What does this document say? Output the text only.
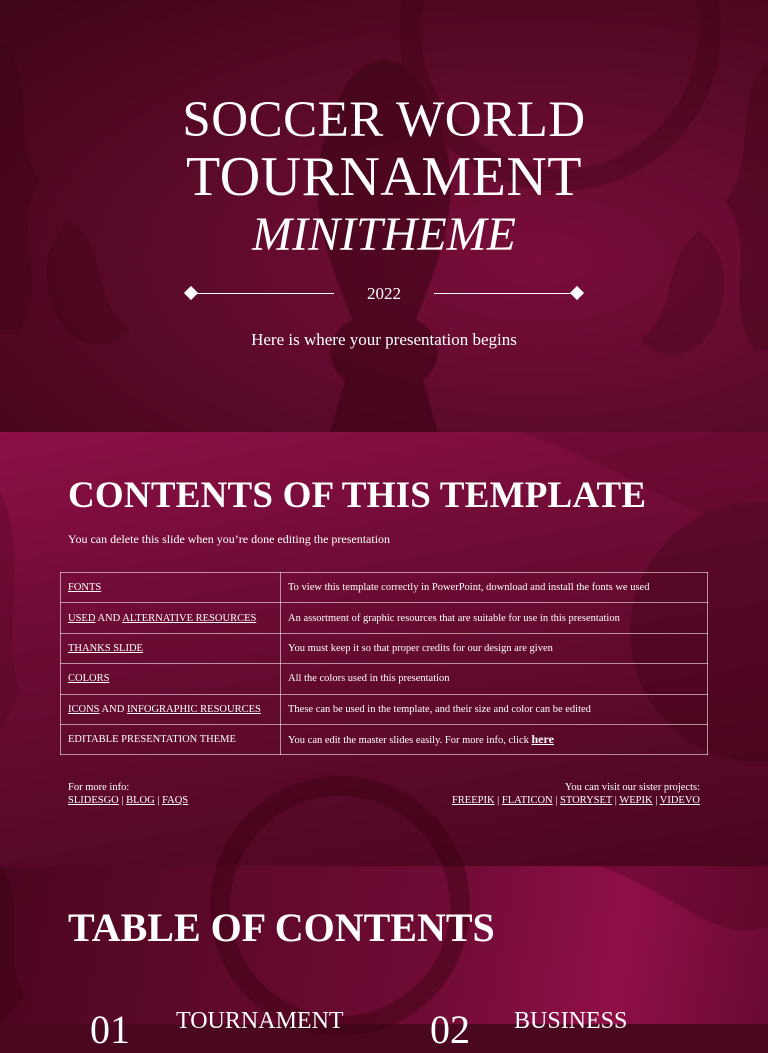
SOCCER WORLD
TOURNAMENT
MINITHEME
2022
Here is where your presentation begins
CONTENTS OF THIS TEMPLATE

You can delete this slide when you’re done editing the presentation

FONTS	To view this template correctly in PowerPoint, download and install the fonts we used
USED AND ALTERNATIVE RESOURCES	An assortment of graphic resources that are suitable for use in this presentation
THANKS SLIDE	You must keep it so that proper credits for our design are given
COLORS	All the colors used in this presentation
ICONS AND INFOGRAPHIC RESOURCES	These can be used in the template, and their size and color can be edited
EDITABLE PRESENTATION THEME	You can edit the master slides easily. For more info, click here
For more info:
SLIDESGO | BLOG | FAQS
You can visit our sister projects:
FREEPIK | FLATICON | STORYSET | WEPIK | VIDEVO
TABLE OF CONTENTS
01 TOURNAMENT 02 BUSINESS
